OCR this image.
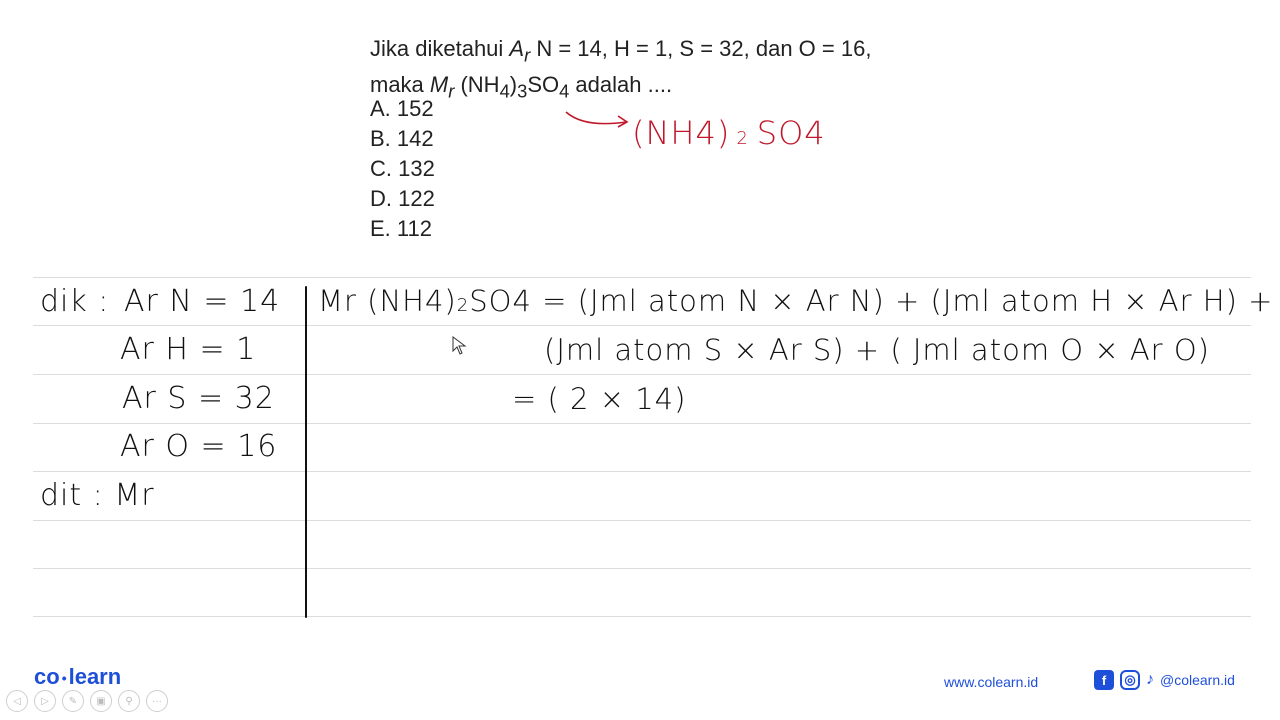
Jika diketahui $A_r$ N = 14, H = 1, S = 32, dan O = 16,
maka $M_r$ $(NH_4)_3SO_4$ adalah ....
A. 152
B. 142
C. 132
D. 122
E. 112
(NH4) 2 SO4
dik : Ar N = 14
Ar H = 1
Ar S = 32
Ar O = 16
dit : Mr
Mr (NH4)2SO4 = (Jml atom N × Ar N) + (Jml atom H × Ar H) +
(Jml atom S × Ar S) + ( Jml atom O × Ar O)
= ( 2 × 14)
co •learn
◁	▷	✎	▣	⚲	···
www.colearn.id	f	◎ ♪ @colearn.id
